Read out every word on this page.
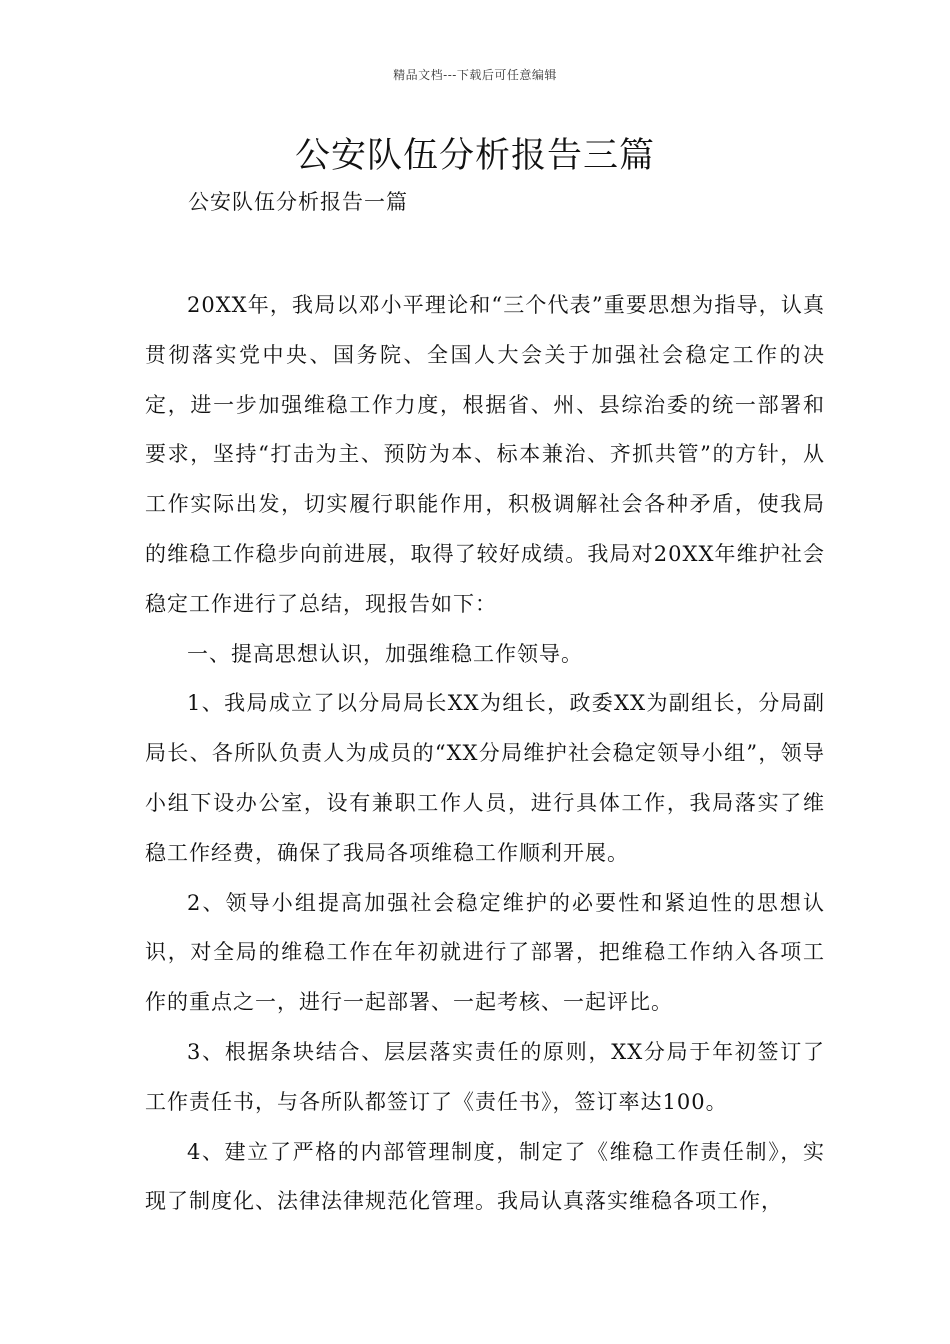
精品文档---下载后可任意编辑
公安队伍分析报告三篇
公安队伍分析报告一篇

20XX年，我局以邓小平理论和“三个代表”重要思想为指导，认真贯彻落实党中央、国务院、全国人大会关于加强社会稳定工作的决定，进一步加强维稳工作力度，根据省、州、县综治委的统一部署和要求，坚持“打击为主、预防为本、标本兼治、齐抓共管”的方针，从工作实际出发，切实履行职能作用，积极调解社会各种矛盾，使我局的维稳工作稳步向前进展，取得了较好成绩。我局对20XX年维护社会稳定工作进行了总结，现报告如下：

一、提高思想认识，加强维稳工作领导。

1、我局成立了以分局局长XX为组长，政委XX为副组长，分局副局长、各所队负责人为成员的“XX分局维护社会稳定领导小组”，领导小组下设办公室，设有兼职工作人员，进行具体工作，我局落实了维稳工作经费，确保了我局各项维稳工作顺利开展。

2、领导小组提高加强社会稳定维护的必要性和紧迫性的思想认识，对全局的维稳工作在年初就进行了部署，把维稳工作纳入各项工作的重点之一，进行一起部署、一起考核、一起评比。

3、根据条块结合、层层落实责任的原则，XX分局于年初签订了工作责任书，与各所队都签订了《责任书》，签订率达100。

4、建立了严格的内部管理制度，制定了《维稳工作责任制》，实现了制度化、法律法律规范化管理。我局认真落实维稳各项工作，
